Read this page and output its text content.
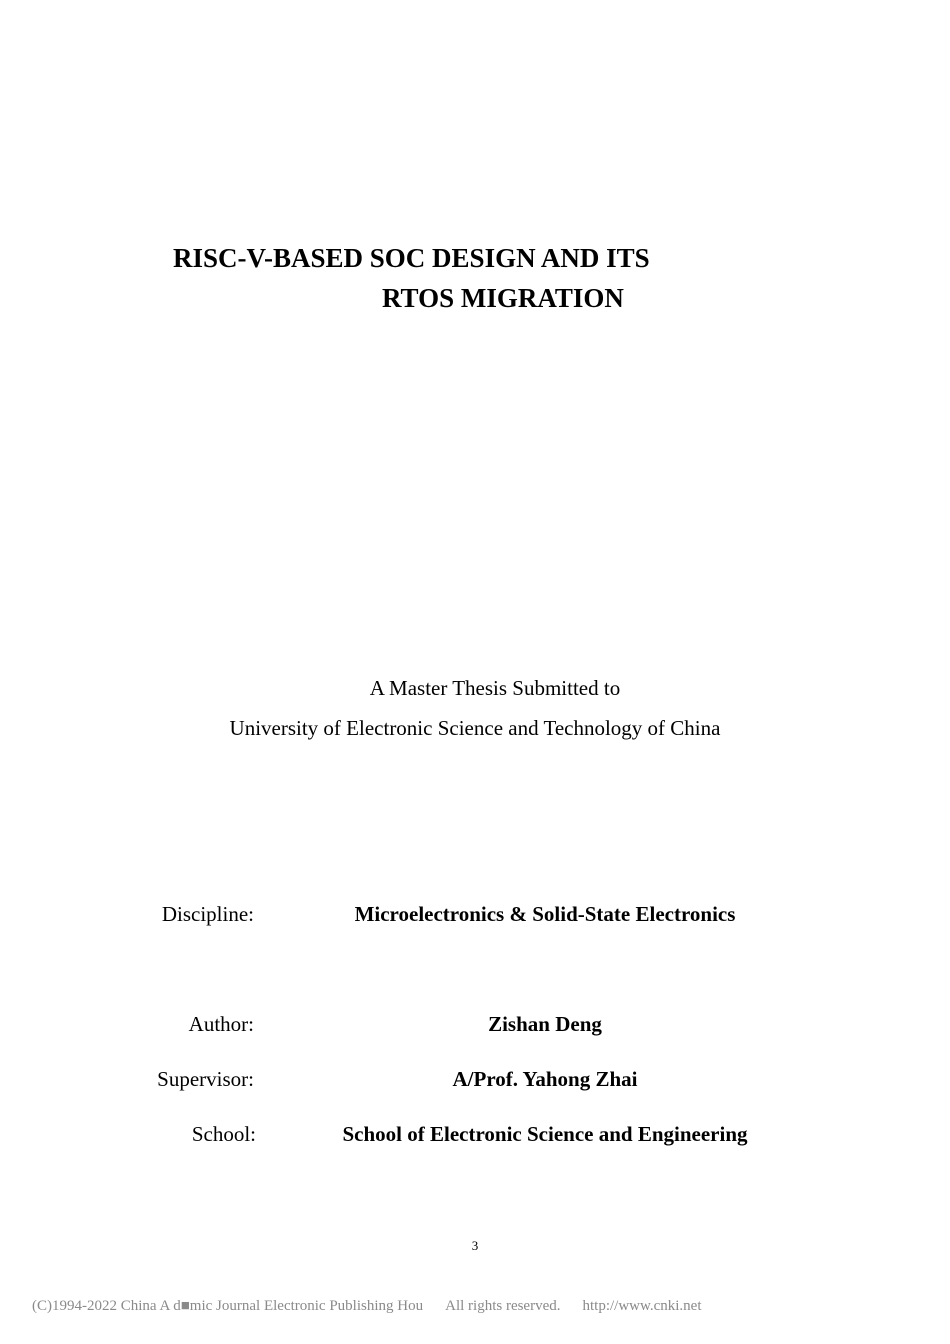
RISC-V-BASED SOC DESIGN AND ITS
RTOS MIGRATION
A Master Thesis Submitted to
University of Electronic Science and Technology of China
Discipline:	Microelectronics & Solid-State Electronics
Author:	Zishan Deng
Supervisor:	A/Prof. Yahong Zhai
School:	School of Electronic Science and Engineering
3
(C)1994-2022 China A d■mic Journal Electronic Publishing Hou All rights reserved. http://www.cnki.net
